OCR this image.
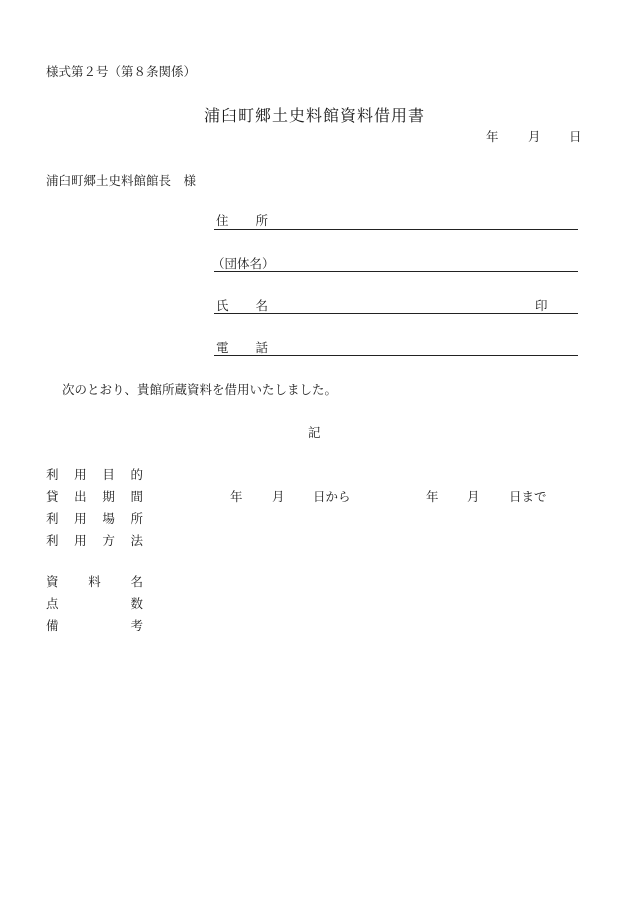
様式第２号（第８条関係）
浦臼町郷土史料館資料借用書
年 月 日
浦臼町郷土史料館館長　様
住 所
（団体名）
氏 名	印
電 話
次のとおり、貴館所蔵資料を借用いたしました。
記
利 用 目 的
貸 出 期 間	年 月 日から	年 月 日まで
利 用 場 所
利 用 方 法
資 料 名
点	数
備	考
